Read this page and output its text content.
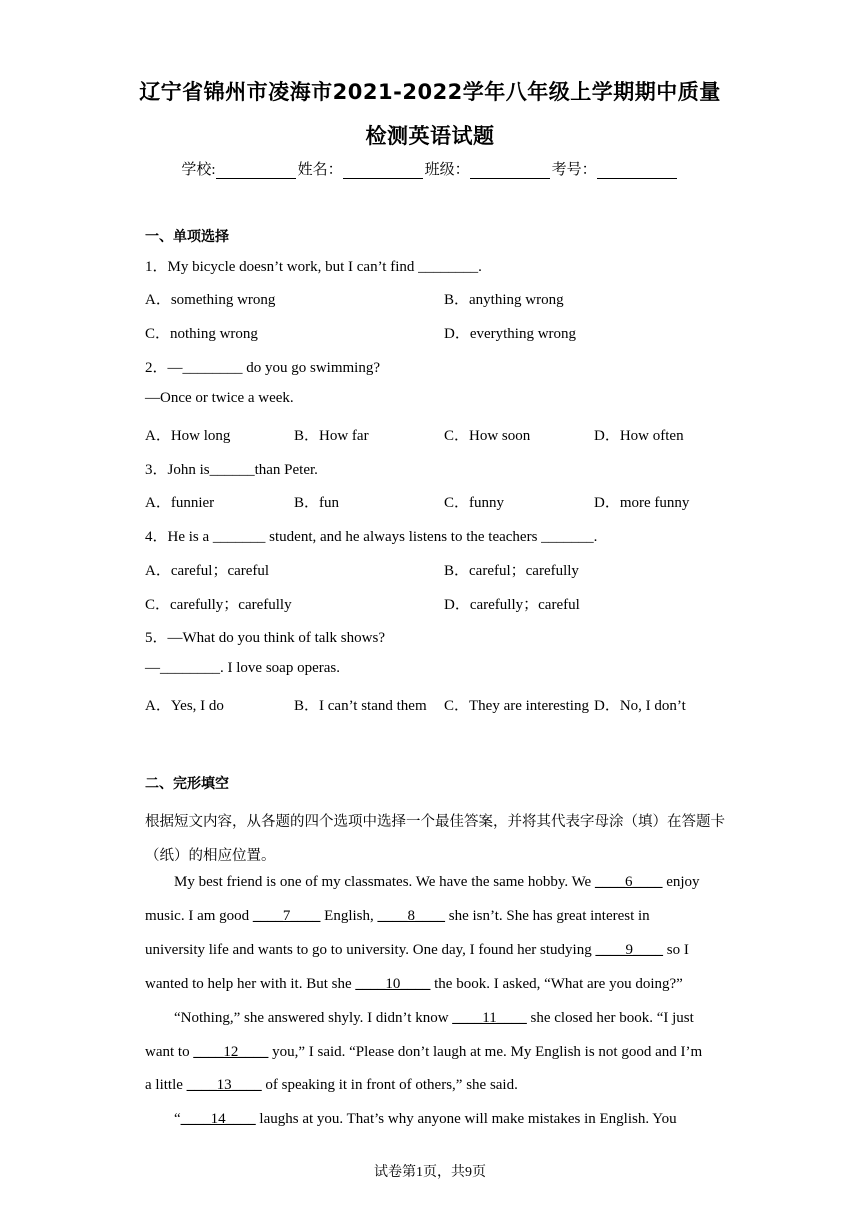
辽宁省锦州市凌海市2021-2022学年八年级上学期期中质量
检测英语试题
学校:	姓名：	班级：	考号：
一、单项选择
1．My bicycle doesn’t work, but I can’t find ________.
A．something wrong	B．anything wrong
C．nothing wrong	D．everything wrong
2．—________ do you go swimming?
—Once or twice a week.
A．How long	B．How far	C．How soon	D．How often
3．John is______than Peter.
A．funnier	B．fun	C．funny	D．more funny
4．He is a _______ student, and he always listens to the teachers _______.
A．careful；careful	B．careful；carefully
C．carefully；carefully	D．carefully；careful
5．—What do you think of talk shows?
—________. I love soap operas.
A．Yes, I do	B．I can’t stand them C．They are interesting D．No, I don’t
二、完形填空
根据短文内容，从各题的四个选项中选择一个最佳答案，并将其代表字母涂（填）在答题卡（纸）的相应位置。
My best friend is one of my classmates. We have the same hobby. We ____6____ enjoy
music. I am good ____7____ English, ____8____ she isn’t. She has great interest in
university life and wants to go to university. One day, I found her studying ____9____ so I
wanted to help her with it. But she ____10____ the book. I asked, “What are you doing?”
“Nothing,” she answered shyly. I didn’t know ____11____ she closed her book. “I just
want to ____12____ you,” I said. “Please don’t laugh at me. My English is not good and I’m
a little ____13____ of speaking it in front of others,” she said.
“____14____ laughs at you. That’s why anyone will make mistakes in English. You
试卷第1页，共9页
